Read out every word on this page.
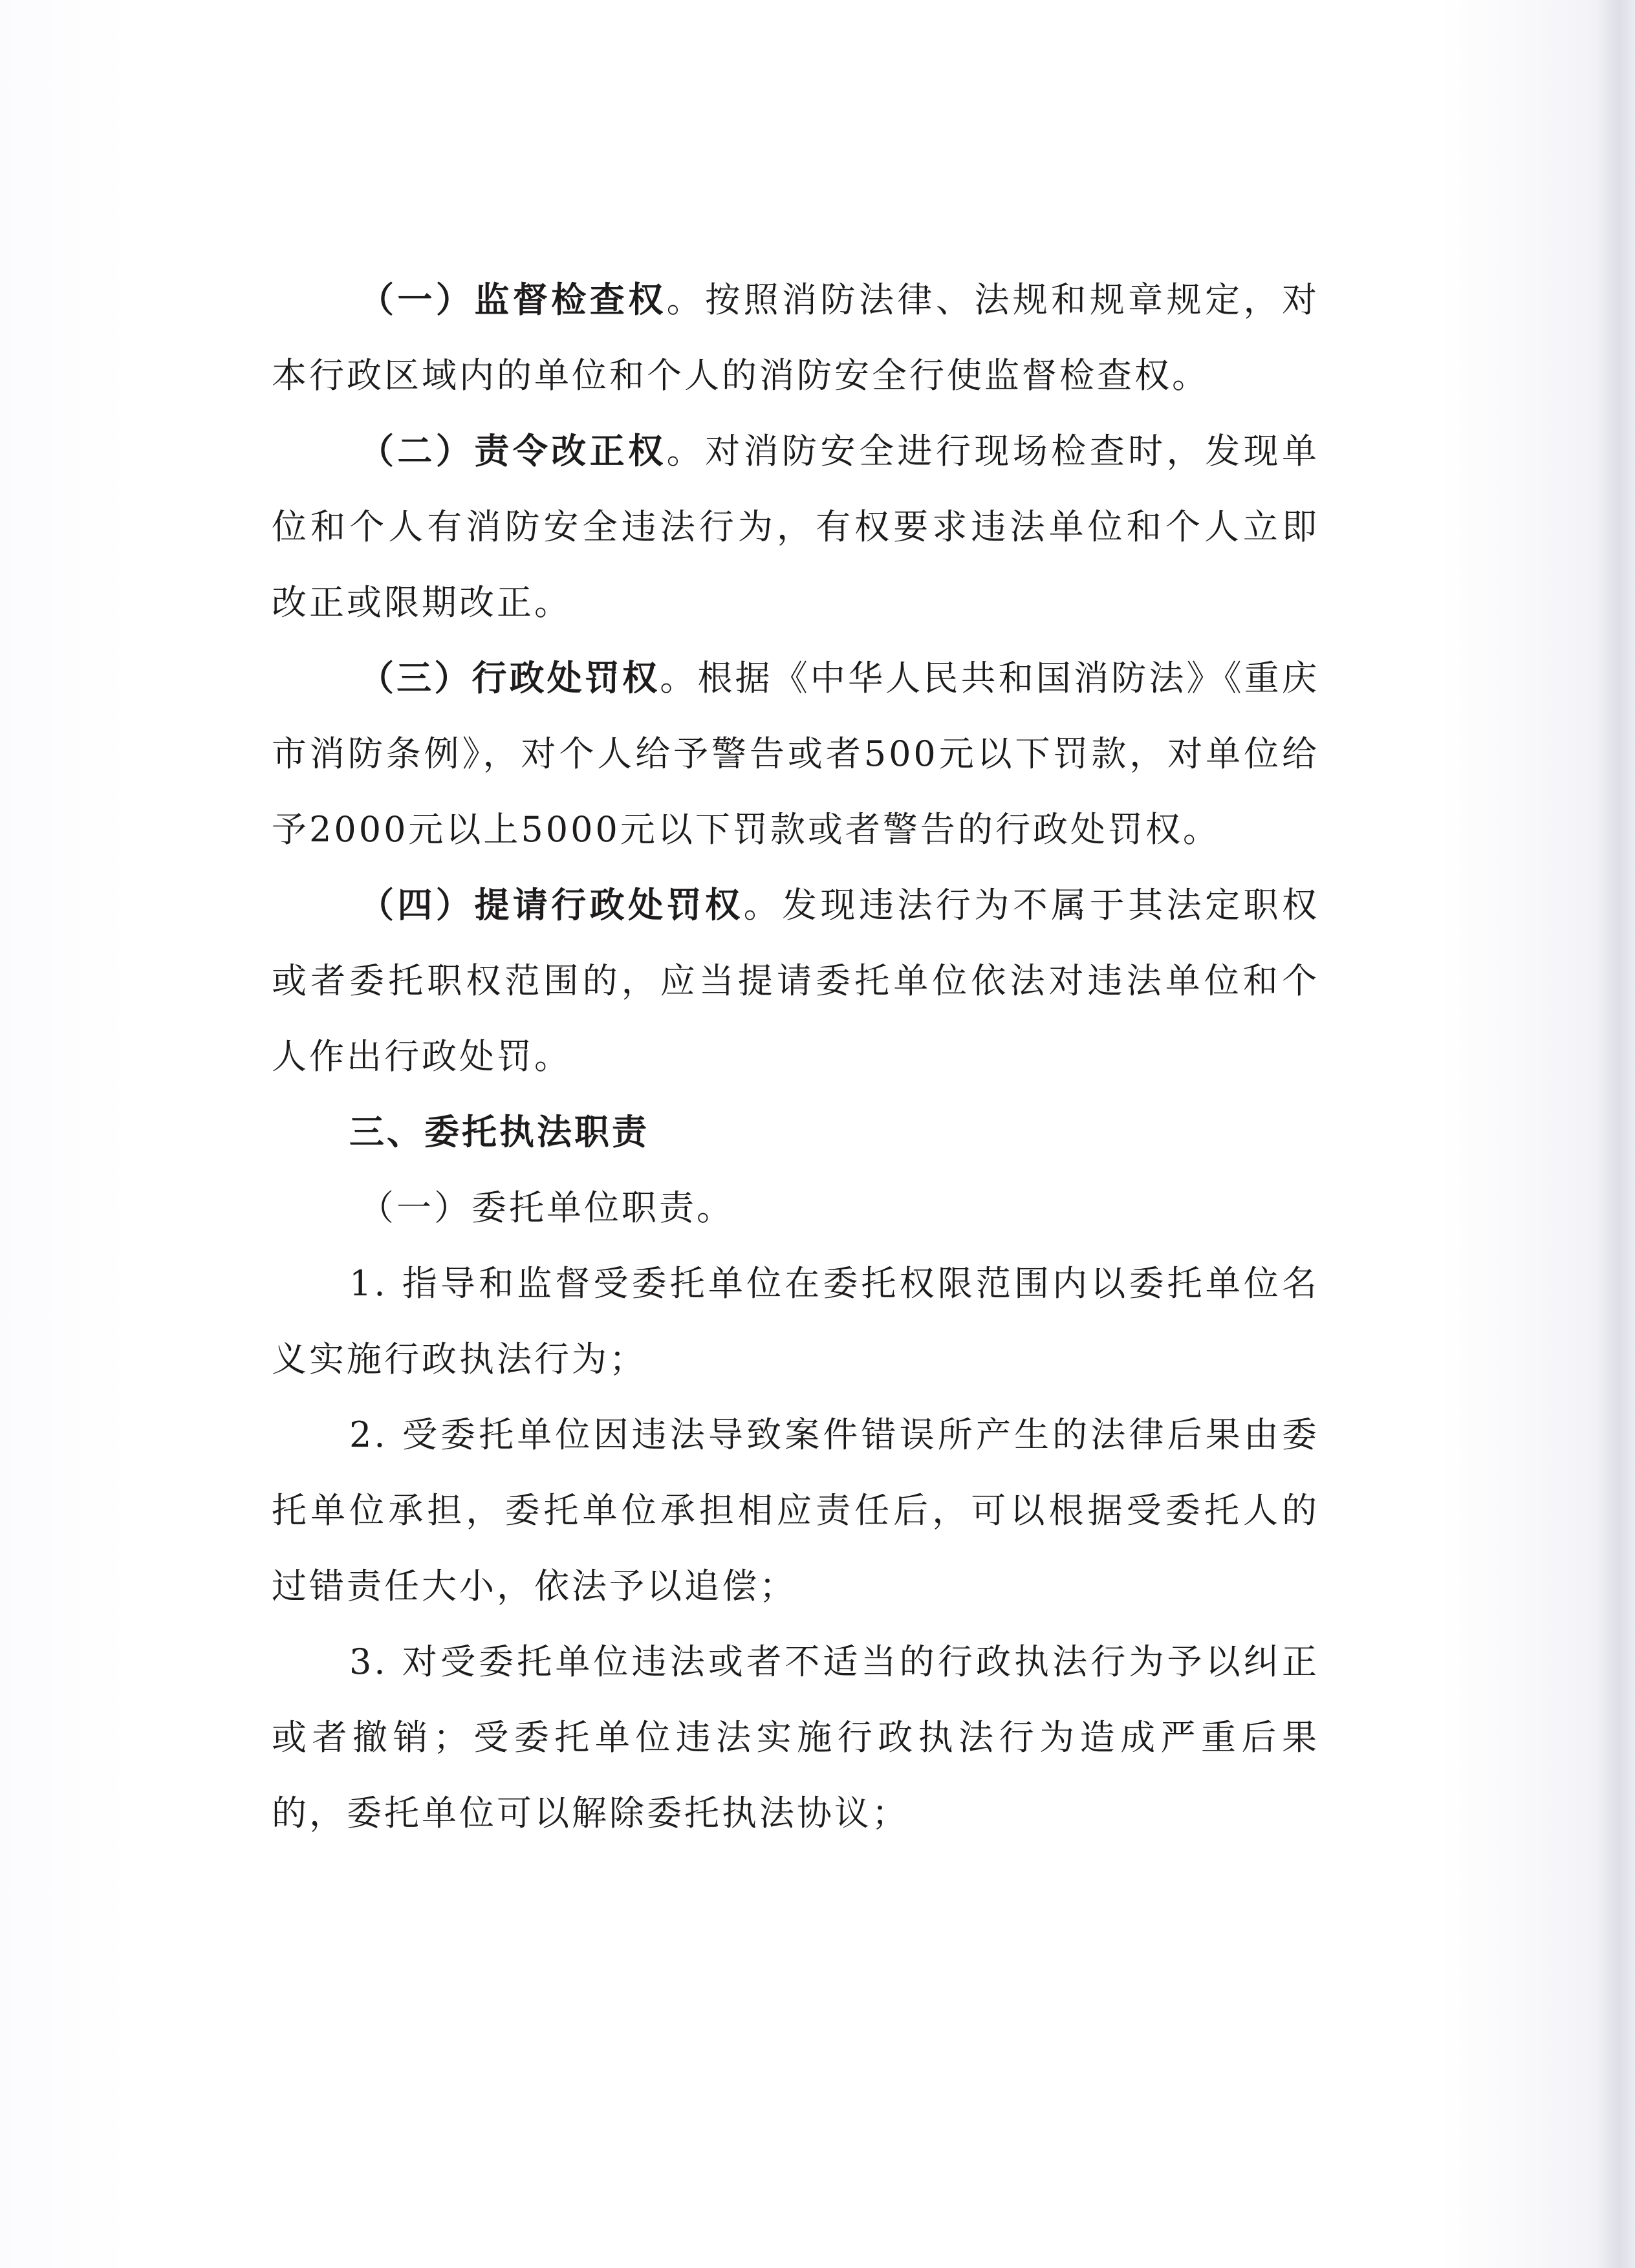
（一）监督检查权。按照消防法律、法规和规章规定，对本行政区域内的单位和个人的消防安全行使监督检查权。

（二）责令改正权。对消防安全进行现场检查时，发现单位和个人有消防安全违法行为，有权要求违法单位和个人立即改正或限期改正。

（三）行政处罚权。根据《中华人民共和国消防法》《重庆市消防条例》，对个人给予警告或者500元以下罚款，对单位给予2000元以上5000元以下罚款或者警告的行政处罚权。

（四）提请行政处罚权。发现违法行为不属于其法定职权或者委托职权范围的，应当提请委托单位依法对违法单位和个人作出行政处罚。

三、委托执法职责

（一）委托单位职责。

1. 指导和监督受委托单位在委托权限范围内以委托单位名义实施行政执法行为；

2. 受委托单位因违法导致案件错误所产生的法律后果由委托单位承担，委托单位承担相应责任后，可以根据受委托人的过错责任大小，依法予以追偿；

3. 对受委托单位违法或者不适当的行政执法行为予以纠正或者撤销；受委托单位违法实施行政执法行为造成严重后果的，委托单位可以解除委托执法协议；
